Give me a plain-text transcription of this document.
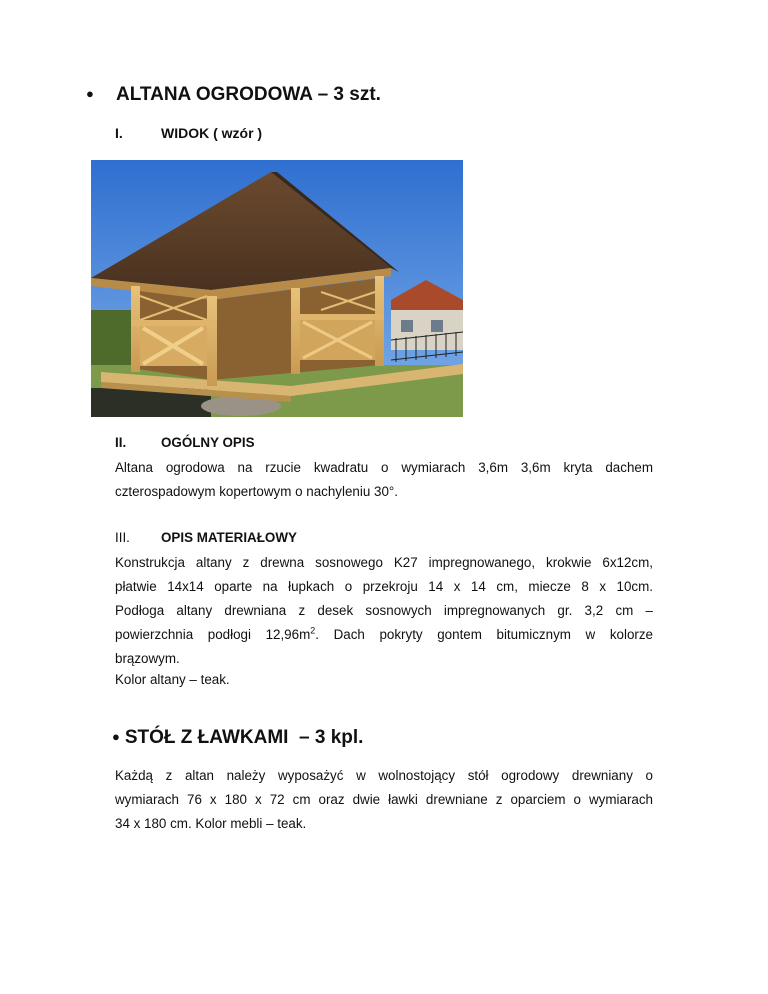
● ALTANA OGRODOWA – 3 szt.
I.	WIDOK ( wzór )
II.	OGÓLNY OPIS
Altana ogrodowa na rzucie kwadratu o wymiarach 3,6m 3,6m kryta dachem
czterospadowym kopertowym o nachyleniu 30°.
III. OPIS MATERIAŁOWY
Konstrukcja altany z drewna sosnowego K27 impregnowanego, krokwie 6x12cm,
płatwie 14x14 oparte na łupkach o przekroju 14 x 14 cm, miecze 8 x 10cm.
Podłoga altany drewniana z desek sosnowych impregnowanych gr. 3,2 cm –
powierzchnia podłogi $12,96m^2$. Dach pokryty gontem bitumicznym w kolorze
brązowym.
Kolor altany – teak.
● STÓŁ Z ŁAWKAMI  – 3 kpl.
Każdą z altan należy wyposażyć w wolnostojący stół ogrodowy drewniany o
wymiarach 76 x 180 x 72 cm oraz dwie ławki drewniane z oparciem o wymiarach
34 x 180 cm. Kolor mebli – teak.
